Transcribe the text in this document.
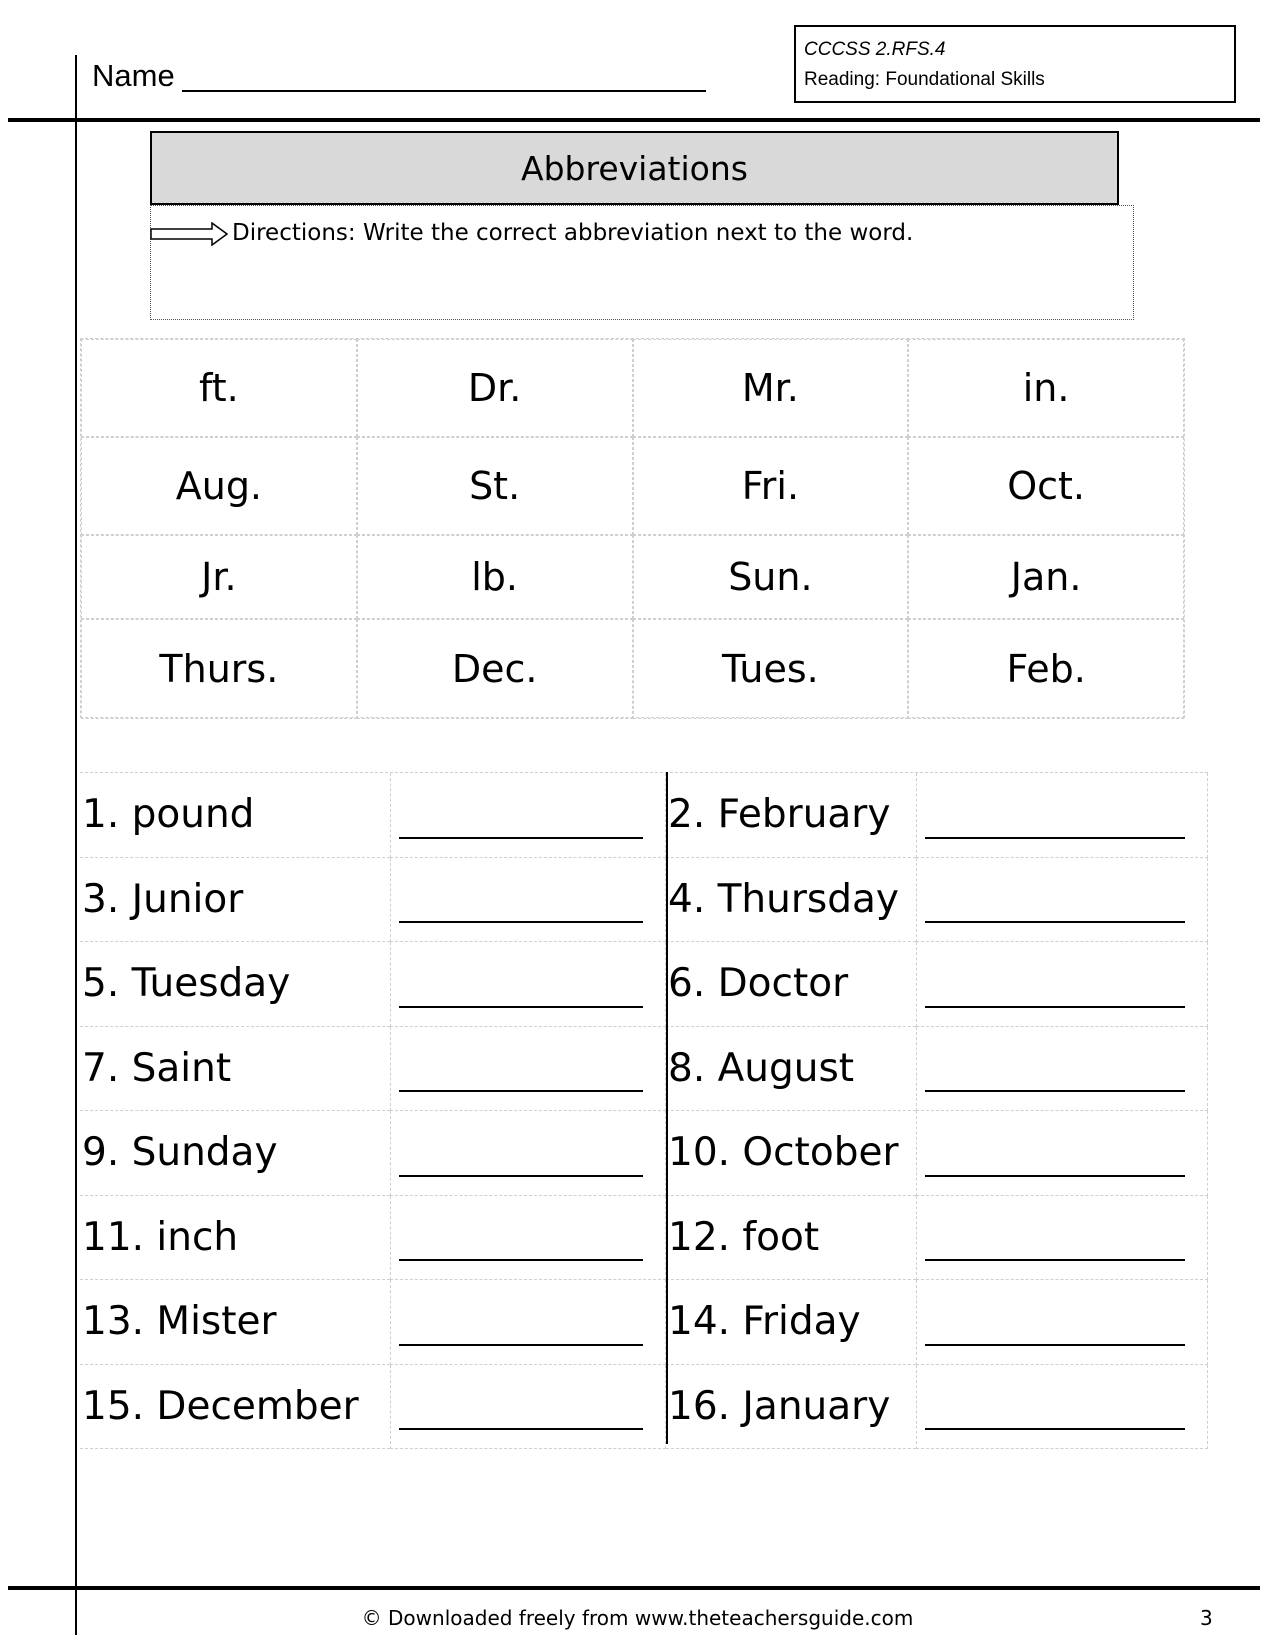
Name
CCCSS 2.RFS.4
Reading: Foundational Skills
Abbreviations
Directions: Write the correct abbreviation next to the word.
ft.	Dr.	Mr.	in.
Aug.	St.	Fri.	Oct.
Jr.	lb.	Sun.	Jan.
Thurs.	Dec.	Tues.	Feb.
1. pound	2. February
3. Junior	4. Thursday
5. Tuesday	6. Doctor
7. Saint	8. August
9. Sunday	10. October
11. inch	12. foot
13. Mister	14. Friday
15. December	16. January
© Downloaded freely from www.theteachersguide.com	3
